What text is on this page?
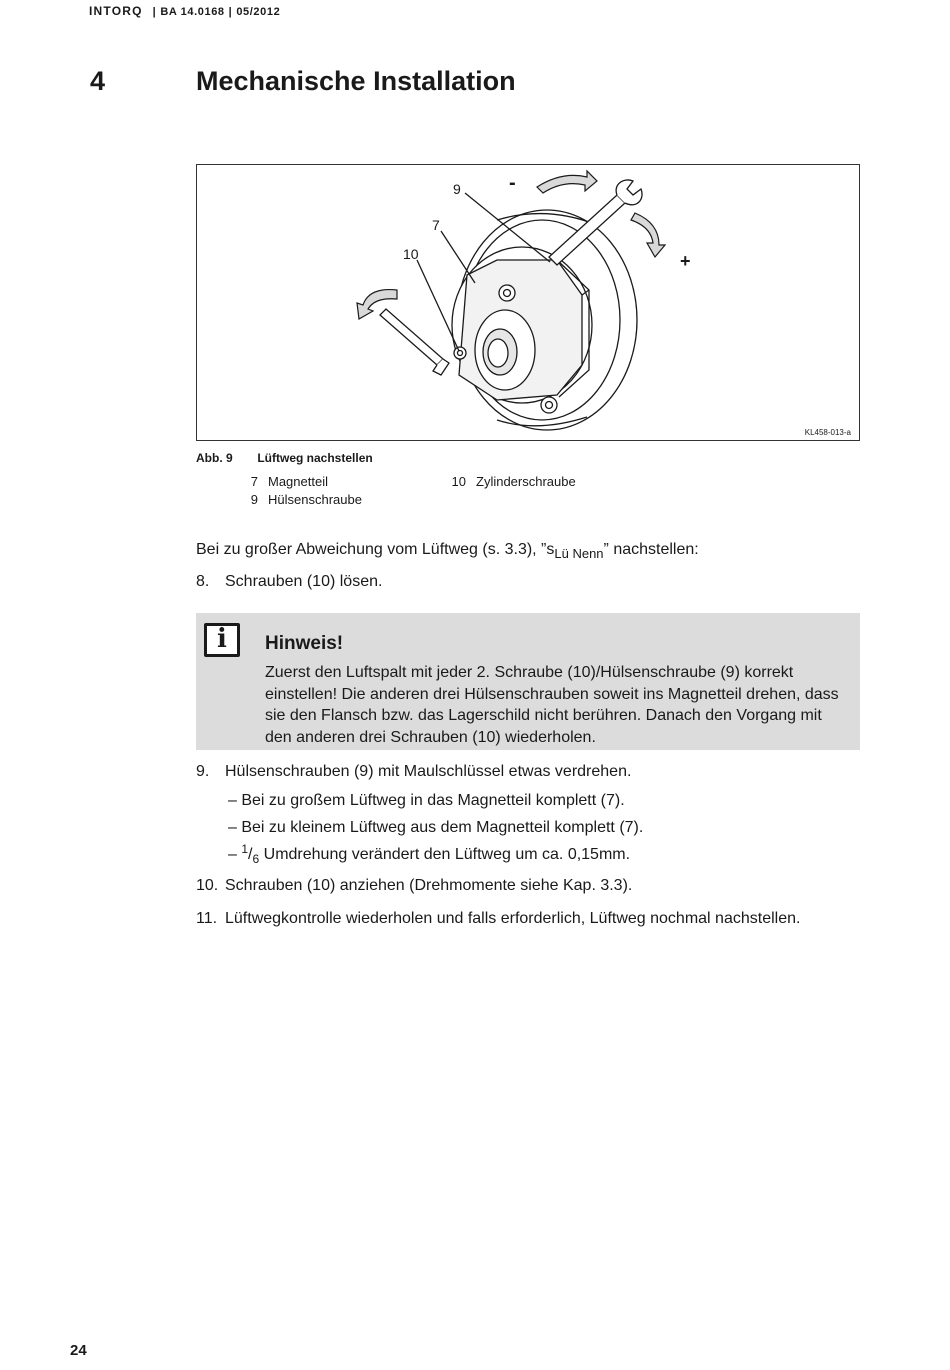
INTORQ | BA 14.0168 | 05/2012
4	Mechanische Installation
9
7
10
-
+
KL458-013-a
Abb. 9 Lüftweg nachstellen
7 Magnetteil
9 Hülsenschraube
10 Zylinderschraube
Bei zu großer Abweichung vom Lüftweg (s. 3.3), $”s_{Lü Nenn}$” nachstellen:
8. Schrauben (10) lösen.
i	Hinweis!
Zuerst den Luftspalt mit jeder 2. Schraube (10)/Hülsenschraube (9) korrekt einstellen! Die anderen drei Hülsenschrauben soweit ins Magnetteil drehen, dass sie den Flansch bzw. das Lagerschild nicht berühren. Danach den Vorgang mit den anderen drei Schrauben (10) wiederholen.
9. Hülsenschrauben (9) mit Maulschlüssel etwas verdrehen.
– Bei zu großem Lüftweg in das Magnetteil komplett (7).
– Bei zu kleinem Lüftweg aus dem Magnetteil komplett (7).
– $^1/_6$ Umdrehung verändert den Lüftweg um ca. 0,15mm.
10. Schrauben (10) anziehen (Drehmomente siehe Kap. 3.3).
11. Lüftwegkontrolle wiederholen und falls erforderlich, Lüftweg nochmal nachstellen.
24
